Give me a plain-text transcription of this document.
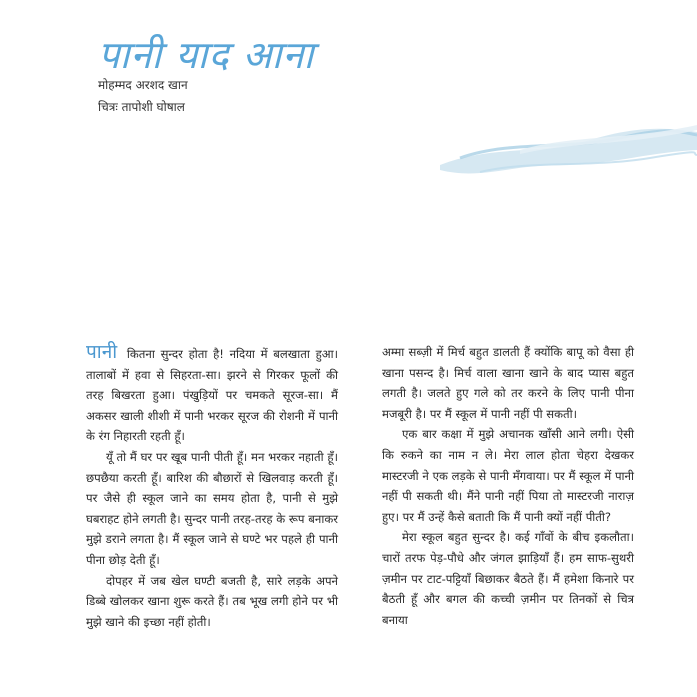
पानी याद आना
मोहम्मद अरशद खान
चित्रः तापोशी घोषाल

पानी कितना सुन्दर होता है! नदिया में बलखाता हुआ। तालाबों में हवा से सिहरता-सा। झरने से गिरकर फूलों की तरह बिखरता हुआ। पंखुड़ियों पर चमकते सूरज-सा। मैं अकसर खाली शीशी में पानी भरकर सूरज की रोशनी में पानी के रंग निहारती रहती हूँ।

यूँ तो मैं घर पर खूब पानी पीती हूँ। मन भरकर नहाती हूँ। छपछैया करती हूँ। बारिश की बौछारों से खिलवाड़ करती हूँ। पर जैसे ही स्कूल जाने का समय होता है, पानी से मुझे घबराहट होने लगती है। सुन्दर पानी तरह-तरह के रूप बनाकर मुझे डराने लगता है। मैं स्कूल जाने से घण्टे भर पहले ही पानी पीना छोड़ देती हूँ।

दोपहर में जब खेल घण्टी बजती है, सारे लड़के अपने डिब्बे खोलकर खाना शुरू करते हैं। तब भूख लगी होने पर भी मुझे खाने की इच्छा नहीं होती।

अम्मा सब्ज़ी में मिर्च बहुत डालती हैं क्योंकि बापू को वैसा ही खाना पसन्द है। मिर्च वाला खाना खाने के बाद प्यास बहुत लगती है। जलते हुए गले को तर करने के लिए पानी पीना मजबूरी है। पर मैं स्कूल में पानी नहीं पी सकती।

एक बार कक्षा में मुझे अचानक खाँसी आने लगी। ऐसी कि रुकने का नाम न ले। मेरा लाल होता चेहरा देखकर मास्टरजी ने एक लड़के से पानी मँगवाया। पर मैं स्कूल में पानी नहीं पी सकती थी। मैंने पानी नहीं पिया तो मास्टरजी नाराज़ हुए। पर मैं उन्हें कैसे बताती कि मैं पानी क्यों नहीं पीती?

मेरा स्कूल बहुत सुन्दर है। कई गाँवों के बीच इकलौता। चारों तरफ पेड़-पौधे और जंगल झाड़ियाँ हैं। हम साफ-सुथरी ज़मीन पर टाट-पट्टियाँ बिछाकर बैठते हैं। मैं हमेशा किनारे पर बैठती हूँ और बगल की कच्ची ज़मीन पर तिनकों से चित्र बनाया
